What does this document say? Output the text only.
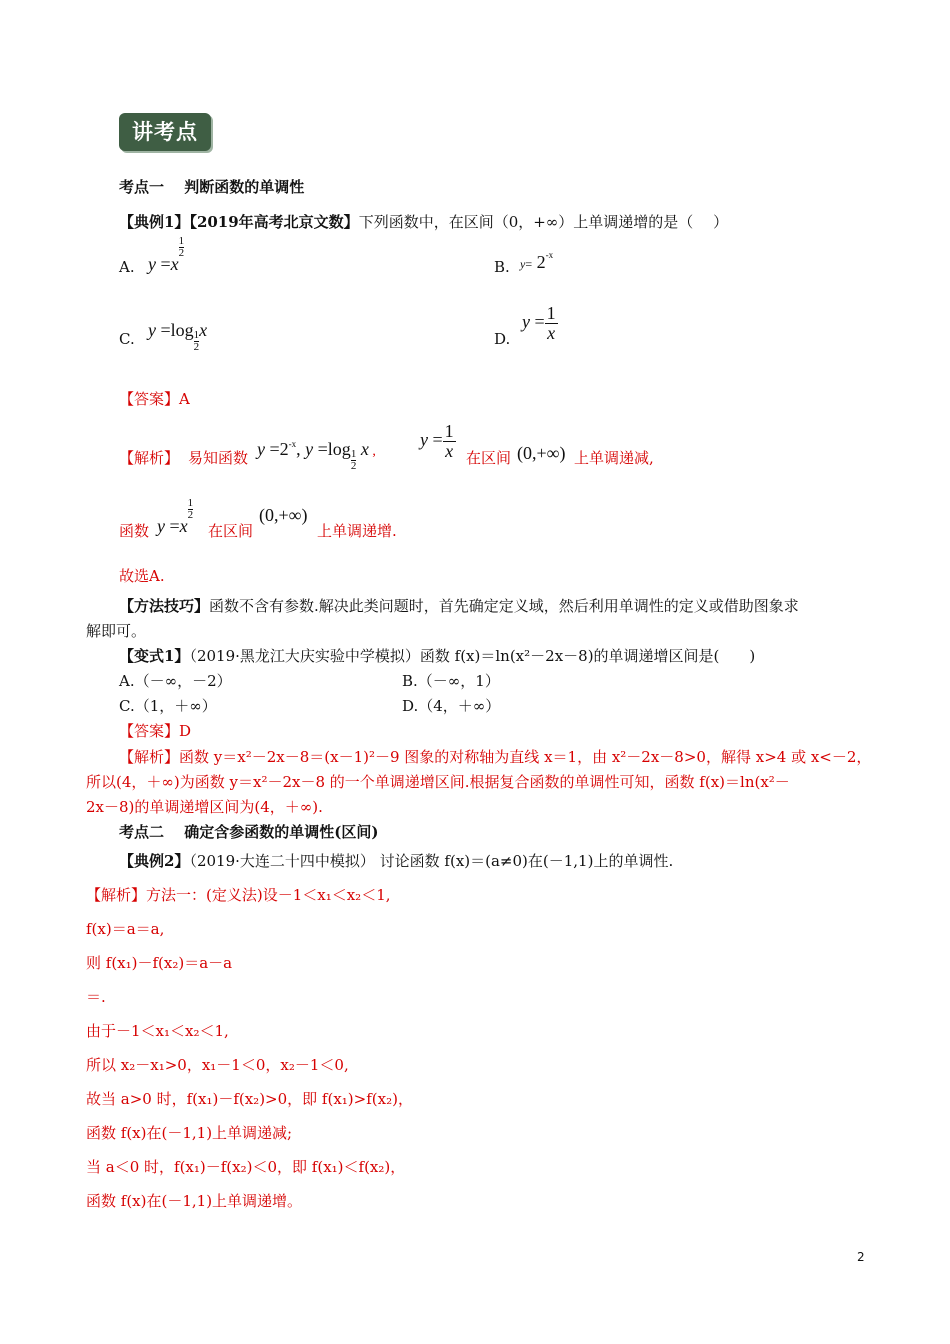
讲考点
考点一　 判断函数的单调性
【典例1】【2019年高考北京文数】下列函数中，在区间（0，+∞）上单调递增的是（　 ）
A. y =x
$\frac{1}{2}$
B. $y= 2^{-x}$
C. $y =\log \frac{1}{2}$ x	D.
$y = \frac{1}{x}$
【答案】A
【解析】 易知函数 $y =2^{-x}$, $y =\log \frac{1}{2}$ x ,
$y = \frac{1}{x}$ 在区间 (0,+∞) 上单调递减,
函数 y =x
$\frac{1}{2}$
在区间
(0,+∞)
上单调递增.
故选A.
【方法技巧】函数不含有参数.解决此类问题时，首先确定定义域，然后利用单调性的定义或借助图象求
解即可。
【变式1】（2019·黑龙江大庆实验中学模拟）函数 f(x)＝ln(x²－2x－8)的单调递增区间是(　　)
A.（－∞，－2）	B.（－∞，1）
C.（1，＋∞）	D.（4，＋∞）
【答案】D
【解析】函数 y＝x²－2x－8＝(x－1)²－9 图象的对称轴为直线 x＝1，由 x²－2x－8>0，解得 x>4 或 x<－2，
所以(4，＋∞)为函数 y＝x²－2x－8 的一个单调递增区间.根据复合函数的单调性可知，函数 f(x)＝ln(x²－
2x－8)的单调递增区间为(4，＋∞).
考点二　 确定含参函数的单调性(区间)
【典例2】（2019·大连二十四中模拟） 讨论函数 f(x)＝(a≠0)在(－1,1)上的单调性.
【解析】方法一：(定义法)设－1＜x₁＜x₂＜1,
f(x)＝a＝a,
则 f(x₁)－f(x₂)＝a－a
＝.
由于－1＜x₁＜x₂＜1,
所以 x₂－x₁>0，x₁－1＜0，x₂－1＜0,
故当 a>0 时，f(x₁)－f(x₂)>0，即 f(x₁)>f(x₂)，
函数 f(x)在(－1,1)上单调递减;
当 a＜0 时，f(x₁)－f(x₂)＜0，即 f(x₁)＜f(x₂)，
函数 f(x)在(－1,1)上单调递增。
2
